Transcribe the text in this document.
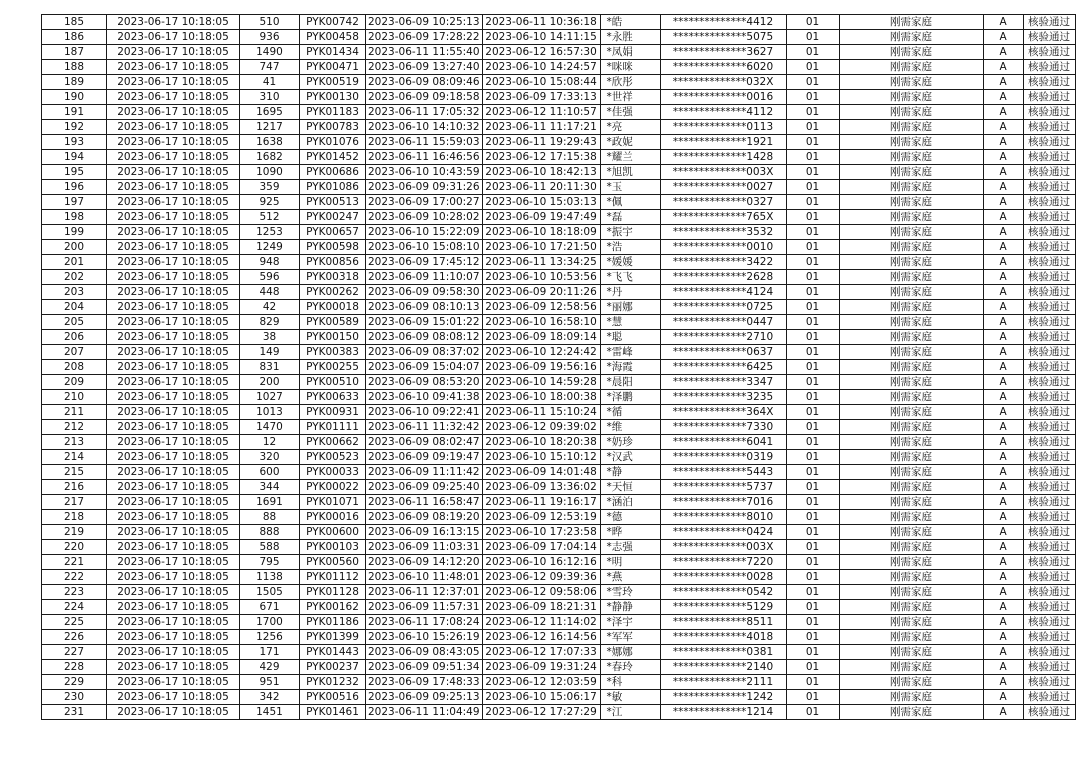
185	2023-06-17 10:18:05	510	PYK00742	2023-06-09 10:25:13	2023-06-11 10:36:18	*皓	**************4412	01	刚需家庭	A	核验通过
186	2023-06-17 10:18:05	936	PYK00458	2023-06-09 17:28:22	2023-06-10 14:11:15	*永胜	**************5075	01	刚需家庭	A	核验通过
187	2023-06-17 10:18:05	1490	PYK01434	2023-06-11 11:55:40	2023-06-12 16:57:30	*凤娟	**************3627	01	刚需家庭	A	核验通过
188	2023-06-17 10:18:05	747	PYK00471	2023-06-09 13:27:40	2023-06-10 14:24:57	*咪咪	**************6020	01	刚需家庭	A	核验通过
189	2023-06-17 10:18:05	41	PYK00519	2023-06-09 08:09:46	2023-06-10 15:08:44	*欣彤	**************032X	01	刚需家庭	A	核验通过
190	2023-06-17 10:18:05	310	PYK00130	2023-06-09 09:18:58	2023-06-09 17:33:13	*世祥	**************0016	01	刚需家庭	A	核验通过
191	2023-06-17 10:18:05	1695	PYK01183	2023-06-11 17:05:32	2023-06-12 11:10:57	*佳强	**************4112	01	刚需家庭	A	核验通过
192	2023-06-17 10:18:05	1217	PYK00783	2023-06-10 14:10:32	2023-06-11 11:17:21	*亮	**************0113	01	刚需家庭	A	核验通过
193	2023-06-17 10:18:05	1638	PYK01076	2023-06-11 15:59:03	2023-06-11 19:29:43	*政妮	**************1921	01	刚需家庭	A	核验通过
194	2023-06-17 10:18:05	1682	PYK01452	2023-06-11 16:46:56	2023-06-12 17:15:38	*耀兰	**************1428	01	刚需家庭	A	核验通过
195	2023-06-17 10:18:05	1090	PYK00686	2023-06-10 10:43:59	2023-06-10 18:42:13	*旭凯	**************003X	01	刚需家庭	A	核验通过
196	2023-06-17 10:18:05	359	PYK01086	2023-06-09 09:31:26	2023-06-11 20:11:30	*玉	**************0027	01	刚需家庭	A	核验通过
197	2023-06-17 10:18:05	925	PYK00513	2023-06-09 17:00:27	2023-06-10 15:03:13	*佩	**************0327	01	刚需家庭	A	核验通过
198	2023-06-17 10:18:05	512	PYK00247	2023-06-09 10:28:02	2023-06-09 19:47:49	*磊	**************765X	01	刚需家庭	A	核验通过
199	2023-06-17 10:18:05	1253	PYK00657	2023-06-10 15:22:09	2023-06-10 18:18:09	*振宇	**************3532	01	刚需家庭	A	核验通过
200	2023-06-17 10:18:05	1249	PYK00598	2023-06-10 15:08:10	2023-06-10 17:21:50	*浩	**************0010	01	刚需家庭	A	核验通过
201	2023-06-17 10:18:05	948	PYK00856	2023-06-09 17:45:12	2023-06-11 13:34:25	*媛媛	**************3422	01	刚需家庭	A	核验通过
202	2023-06-17 10:18:05	596	PYK00318	2023-06-09 11:10:07	2023-06-10 10:53:56	*飞飞	**************2628	01	刚需家庭	A	核验通过
203	2023-06-17 10:18:05	448	PYK00262	2023-06-09 09:58:30	2023-06-09 20:11:26	*丹	**************4124	01	刚需家庭	A	核验通过
204	2023-06-17 10:18:05	42	PYK00018	2023-06-09 08:10:13	2023-06-09 12:58:56	*丽娜	**************0725	01	刚需家庭	A	核验通过
205	2023-06-17 10:18:05	829	PYK00589	2023-06-09 15:01:22	2023-06-10 16:58:10	*慧	**************0447	01	刚需家庭	A	核验通过
206	2023-06-17 10:18:05	38	PYK00150	2023-06-09 08:08:12	2023-06-09 18:09:14	*聪	**************2710	01	刚需家庭	A	核验通过
207	2023-06-17 10:18:05	149	PYK00383	2023-06-09 08:37:02	2023-06-10 12:24:42	*雷峰	**************0637	01	刚需家庭	A	核验通过
208	2023-06-17 10:18:05	831	PYK00255	2023-06-09 15:04:07	2023-06-09 19:56:16	*海霞	**************6425	01	刚需家庭	A	核验通过
209	2023-06-17 10:18:05	200	PYK00510	2023-06-09 08:53:20	2023-06-10 14:59:28	*晨阳	**************3347	01	刚需家庭	A	核验通过
210	2023-06-17 10:18:05	1027	PYK00633	2023-06-10 09:41:38	2023-06-10 18:00:38	*泽鹏	**************3235	01	刚需家庭	A	核验通过
211	2023-06-17 10:18:05	1013	PYK00931	2023-06-10 09:22:41	2023-06-11 15:10:24	*循	**************364X	01	刚需家庭	A	核验通过
212	2023-06-17 10:18:05	1470	PYK01111	2023-06-11 11:32:42	2023-06-12 09:39:02	*维	**************7330	01	刚需家庭	A	核验通过
213	2023-06-17 10:18:05	12	PYK00662	2023-06-09 08:02:47	2023-06-10 18:20:38	*奶珍	**************6041	01	刚需家庭	A	核验通过
214	2023-06-17 10:18:05	320	PYK00523	2023-06-09 09:19:47	2023-06-10 15:10:12	*汉武	**************0319	01	刚需家庭	A	核验通过
215	2023-06-17 10:18:05	600	PYK00033	2023-06-09 11:11:42	2023-06-09 14:01:48	*静	**************5443	01	刚需家庭	A	核验通过
216	2023-06-17 10:18:05	344	PYK00022	2023-06-09 09:25:40	2023-06-09 13:36:02	*天恒	**************5737	01	刚需家庭	A	核验通过
217	2023-06-17 10:18:05	1691	PYK01071	2023-06-11 16:58:47	2023-06-11 19:16:17	*涵泊	**************7016	01	刚需家庭	A	核验通过
218	2023-06-17 10:18:05	88	PYK00016	2023-06-09 08:19:20	2023-06-09 12:53:19	*德	**************8010	01	刚需家庭	A	核验通过
219	2023-06-17 10:18:05	888	PYK00600	2023-06-09 16:13:15	2023-06-10 17:23:58	*晔	**************0424	01	刚需家庭	A	核验通过
220	2023-06-17 10:18:05	588	PYK00103	2023-06-09 11:03:31	2023-06-09 17:04:14	*志强	**************003X	01	刚需家庭	A	核验通过
221	2023-06-17 10:18:05	795	PYK00560	2023-06-09 14:12:20	2023-06-10 16:12:16	*明	**************7220	01	刚需家庭	A	核验通过
222	2023-06-17 10:18:05	1138	PYK01112	2023-06-10 11:48:01	2023-06-12 09:39:36	*燕	**************0028	01	刚需家庭	A	核验通过
223	2023-06-17 10:18:05	1505	PYK01128	2023-06-11 12:37:01	2023-06-12 09:58:06	*雪玲	**************0542	01	刚需家庭	A	核验通过
224	2023-06-17 10:18:05	671	PYK00162	2023-06-09 11:57:31	2023-06-09 18:21:31	*静静	**************5129	01	刚需家庭	A	核验通过
225	2023-06-17 10:18:05	1700	PYK01186	2023-06-11 17:08:24	2023-06-12 11:14:02	*泽宇	**************8511	01	刚需家庭	A	核验通过
226	2023-06-17 10:18:05	1256	PYK01399	2023-06-10 15:26:19	2023-06-12 16:14:56	*军军	**************4018	01	刚需家庭	A	核验通过
227	2023-06-17 10:18:05	171	PYK01443	2023-06-09 08:43:05	2023-06-12 17:07:33	*娜娜	**************0381	01	刚需家庭	A	核验通过
228	2023-06-17 10:18:05	429	PYK00237	2023-06-09 09:51:34	2023-06-09 19:31:24	*春玲	**************2140	01	刚需家庭	A	核验通过
229	2023-06-17 10:18:05	951	PYK01232	2023-06-09 17:48:33	2023-06-12 12:03:59	*科	**************2111	01	刚需家庭	A	核验通过
230	2023-06-17 10:18:05	342	PYK00516	2023-06-09 09:25:13	2023-06-10 15:06:17	*敏	**************1242	01	刚需家庭	A	核验通过
231	2023-06-17 10:18:05	1451	PYK01461	2023-06-11 11:04:49	2023-06-12 17:27:29	*江	**************1214	01	刚需家庭	A	核验通过
